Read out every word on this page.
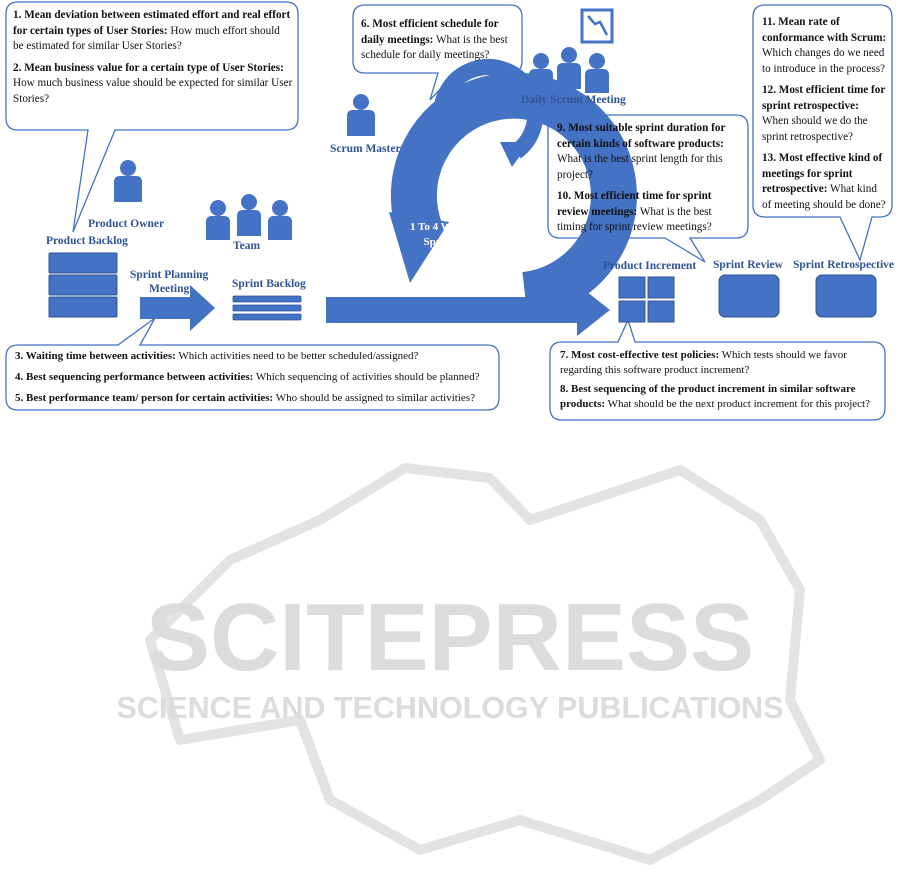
SCITEPRESS
SCIENCE AND TECHNOLOGY PUBLICATIONS
Product Owner
Product Backlog	Team
Sprint Planning
Meeting	Sprint Backlog
Scrum Master
Daily Scrum Meeting
1 To 4 Week
Sprint
Product Increment Sprint Review Sprint Retrospective

1. Mean deviation between estimated effort and real effort for certain types of User Stories: How much effort should be estimated for similar User Stories?

2. Mean business value for a certain type of User Stories: How much business value should be expected for similar User Stories?

6. Most efficient schedule for daily meetings: What is the best schedule for daily meetings?

9. Most suitable sprint duration for certain kinds of software products: What is the best sprint length for this project?

10. Most efficient time for sprint review meetings: What is the best timing for sprint review meetings?

11. Mean rate of conformance with Scrum: Which changes do we need to introduce in the process?

12. Most efficient time for sprint retrospective: When should we do the sprint retrospective?

13. Most effective kind of meetings for sprint retrospective: What kind of meeting should be done?

3. Waiting time between activities: Which activities need to be better scheduled/assigned?

4. Best sequencing performance between activities: Which sequencing of activities should be planned?

5. Best performance team/ person for certain activities: Who should be assigned to similar activities?

7. Most cost-effective test policies: Which tests should we favor regarding this software product increment?

8. Best sequencing of the product increment in similar software products: What should be the next product increment for this project?
